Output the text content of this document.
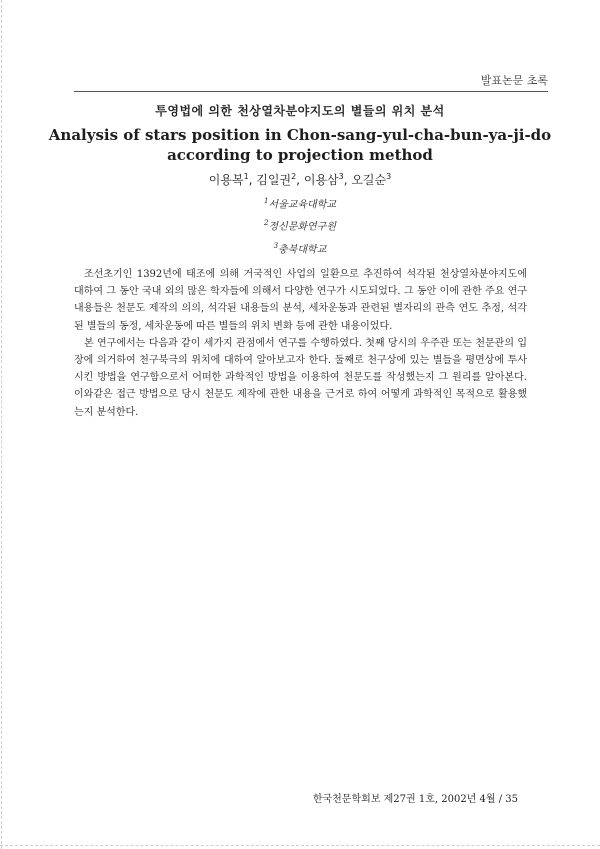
발표논문 초록
투영법에 의한 천상열차분야지도의 별들의 위치 분석
Analysis of stars position in Chon-sang-yul-cha-bun-ya-ji-do
according to projection method
이용복$^1$, 김일권$^2$, 이용삼$^3$, 오길순$^3$
$^1$서울교육대학교
$^2$정신문화연구원
$^3$충북대학교

조선초기인 1392년에 태조에 의해 거국적인 사업의 일환으로 추진하여 석각된 천상열차분야지도에 대하여 그 동안 국내 외의 많은 학자들에 의해서 다양한 연구가 시도되었다. 그 동안 이에 관한 주요 연구 내용들은 천문도 제작의 의의, 석각된 내용들의 분석, 세차운동과 관련된 별자리의 관측 연도 추정, 석각된 별들의 동정, 세차운동에 따른 별들의 위치 변화 등에 관한 내용이었다.

본 연구에서는 다음과 같이 세가지 관점에서 연구를 수행하였다. 첫째 당시의 우주관 또는 천문관의 입장에 의거하여 천구북극의 위치에 대하여 알아보고자 한다. 둘째로 천구상에 있는 별들을 평면상에 투사시킨 방법을 연구함으로서 어떠한 과학적인 방법을 이용하여 천문도를 작성했는지 그 원리를 알아본다. 이와같은 접근 방법으로 당시 천문도 제작에 관한 내용을 근거로 하여 어떻게 과학적인 목적으로 활용했는지 분석한다.

한국천문학회보 제27권 1호, 2002년 4월 / 35
